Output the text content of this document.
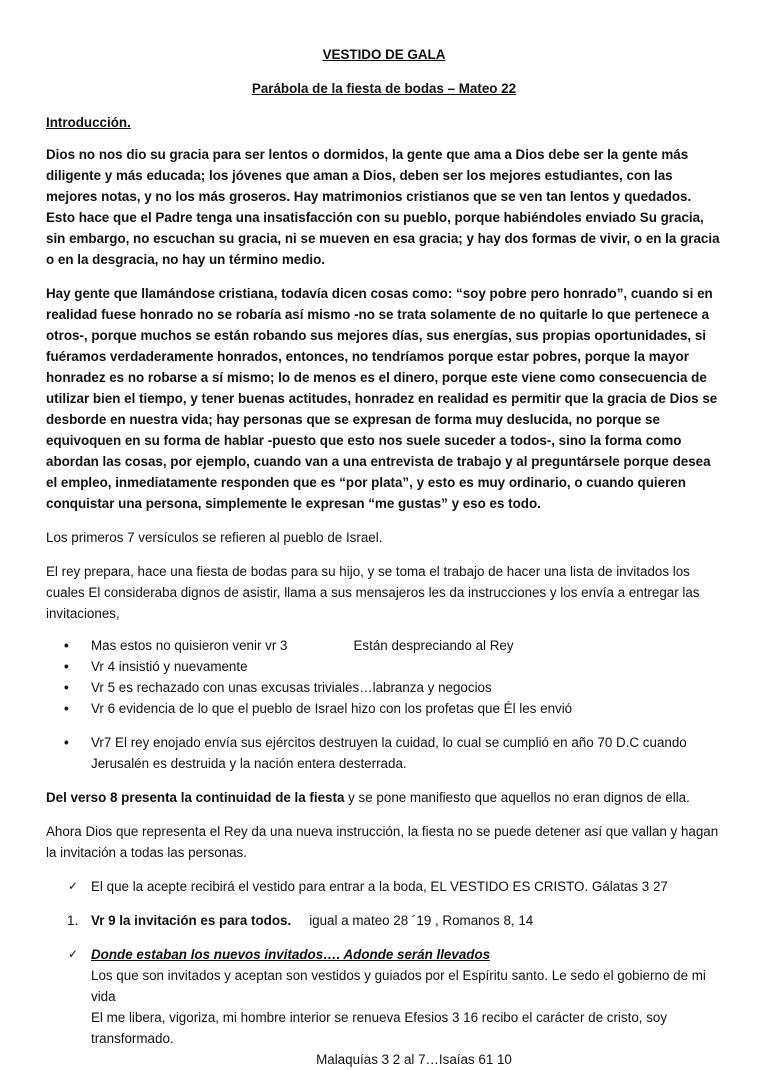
VESTIDO DE GALA

Parábola de la fiesta de bodas – Mateo 22

Introducción.

Dios no nos dio su gracia para ser lentos o dormidos, la gente que ama a Dios debe ser la gente más diligente y más educada; los jóvenes que aman a Dios, deben ser los mejores estudiantes, con las mejores notas, y no los más groseros. Hay matrimonios cristianos que se ven tan lentos y quedados. Esto hace que el Padre tenga una insatisfacción con su pueblo, porque habiéndoles enviado Su gracia, sin embargo, no escuchan su gracia, ni se mueven en esa gracia; y hay dos formas de vivir, o en la gracia o en la desgracia, no hay un término medio.

Hay gente que llamándose cristiana, todavía dicen cosas como: “soy pobre pero honrado”, cuando si en realidad fuese honrado no se robaría así mismo -no se trata solamente de no quitarle lo que pertenece a otros-, porque muchos se están robando sus mejores días, sus energías, sus propias oportunidades, si fuéramos verdaderamente honrados, entonces, no tendríamos porque estar pobres, porque la mayor honradez es no robarse a sí mismo; lo de menos es el dinero, porque este viene como consecuencia de utilizar bien el tiempo, y tener buenas actitudes, honradez en realidad es permitir que la gracia de Dios se desborde en nuestra vida; hay personas que se expresan de forma muy deslucida, no porque se equivoquen en su forma de hablar -puesto que esto nos suele suceder a todos-, sino la forma como abordan las cosas, por ejemplo, cuando van a una entrevista de trabajo y al preguntársele porque desea el empleo, inmediatamente responden que es “por plata”, y esto es muy ordinario, o cuando quieren conquistar una persona, simplemente le expresan “me gustas” y eso es todo.

Los primeros 7 versículos se refieren al pueblo de Israel.

El rey prepara, hace una fiesta de bodas para su hijo, y se toma el trabajo de hacer una lista de invitados los cuales El consideraba dignos de asistir, llama a sus mensajeros les da instrucciones y los envía a entregar las invitaciones,

• Mas estos no quisieron venir vr 3	Están despreciando al Rey
• Vr 4 insistió y nuevamente
• Vr 5 es rechazado con unas excusas triviales…labranza y negocios
• Vr 6 evidencia de lo que el pueblo de Israel hizo con los profetas que Él les envió
• Vr7 El rey enojado envía sus ejércitos destruyen la cuidad, lo cual se cumplió en año 70 D.C cuando Jerusalén es destruida y la nación entera desterrada.

Del verso 8 presenta la continuidad de la fiesta y se pone manifiesto que aquellos no eran dignos de ella.

Ahora Dios que representa el Rey da una nueva instrucción, la fiesta no se puede detener así que vallan y hagan la invitación a todas las personas.

✓ El que la acepte recibirá el vestido para entrar a la boda, EL VESTIDO ES CRISTO. Gálatas 3 27
1. Vr 9 la invitación es para todos. igual a mateo 28 ´19 , Romanos 8, 14
✓ Donde estaban los nuevos invitados…. Adonde serán llevados
Los que son invitados y aceptan son vestidos y guiados por el Espíritu santo. Le sedo el gobierno de mi vida
El me libera, vigoriza, mi hombre interior se renueva Efesios 3 16 recibo el carácter de cristo, soy transformado.
Malaquías 3 2 al 7…Isaías 61 10
